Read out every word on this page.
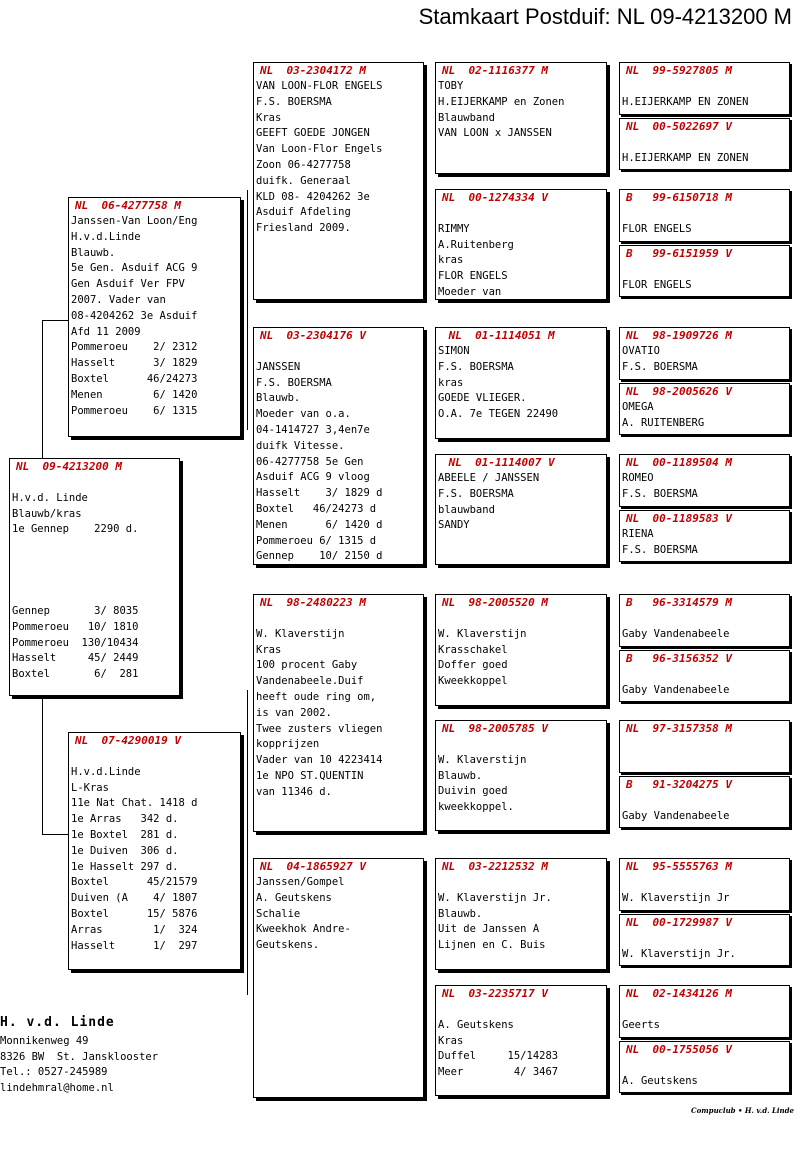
Stamkaart Postduif: NL 09-4213200 M
NL  09-4213200 M

H.v.d. Linde
Blauwb/kras
1e Gennep    2290 d.
Gennep       3/ 8035
Pommeroeu   10/ 1810
Pommeroeu  130/10434
Hasselt     45/ 2449
Boxtel       6/  281
NL  06-4277758 M
Janssen-Van Loon/Eng
H.v.d.Linde
Blauwb.
5e Gen. Asduif ACG 9
Gen Asduif Ver FPV
2007. Vader van
08-4204262 3e Asduif
Afd 11 2009
Pommeroeu    2/ 2312
Hasselt      3/ 1829
Boxtel      46/24273
Menen        6/ 1420
Pommeroeu    6/ 1315
NL  07-4290019 V

H.v.d.Linde
L-Kras
11e Nat Chat. 1418 d
1e Arras   342 d.
1e Boxtel  281 d.
1e Duiven  306 d.
1e Hasselt 297 d.
Boxtel      45/21579
Duiven (A    4/ 1807
Boxtel      15/ 5876
Arras        1/  324
Hasselt      1/  297
NL  03-2304172 M
VAN LOON-FLOR ENGELS
F.S. BOERSMA
Kras
GEEFT GOEDE JONGEN
Van Loon-Flor Engels
Zoon 06-4277758
duifk. Generaal
KLD 08- 4204262 3e
Asduif Afdeling
Friesland 2009.
NL  03-2304176 V

JANSSEN
F.S. BOERSMA
Blauwb.
Moeder van o.a.
04-1414727 3,4en7e
duifk Vitesse.
06-4277758 5e Gen
Asduif ACG 9 vloog
Hasselt    3/ 1829 d
Boxtel   46/24273 d
Menen      6/ 1420 d
Pommeroeu 6/ 1315 d
Gennep    10/ 2150 d
NL  98-2480223 M

W. Klaverstijn
Kras
100 procent Gaby
Vandenabeele.Duif
heeft oude ring om,
is van 2002.
Twee zusters vliegen
kopprijzen
Vader van 10 4223414
1e NPO ST.QUENTIN
van 11346 d.
NL  04-1865927 V
Janssen/Gompel
A. Geutskens
Schalie
Kweekhok Andre-
Geutskens.
NL  02-1116377 M
TOBY
H.EIJERKAMP en Zonen
Blauwband
VAN LOON x JANSSEN
NL  00-1274334 V

RIMMY
A.Ruitenberg
kras
FLOR ENGELS
Moeder van
NL  01-1114051 M
SIMON
F.S. BOERSMA
kras
GOEDE VLIEGER.
O.A. 7e TEGEN 22490
NL  01-1114007 V
ABEELE / JANSSEN
F.S. BOERSMA
blauwband
SANDY
NL  98-2005520 M

W. Klaverstijn
Krasschakel
Doffer goed
Kweekkoppel
NL  98-2005785 V

W. Klaverstijn
Blauwb.
Duivin goed
kweekkoppel.
NL  03-2212532 M

W. Klaverstijn Jr.
Blauwb.
Uit de Janssen A
Lijnen en C. Buis
NL  03-2235717 V

A. Geutskens
Kras
Duffel     15/14283
Meer        4/ 3467
NL  99-5927805 M
H.EIJERKAMP EN ZONEN
NL  00-5022697 V
H.EIJERKAMP EN ZONEN
B   99-6150718 M
FLOR ENGELS
B   99-6151959 V
FLOR ENGELS
NL  98-1909726 M
OVATIO
F.S. BOERSMA
NL  98-2005626 V
OMEGA
A. RUITENBERG
NL  00-1189504 M
ROMEO
F.S. BOERSMA
NL  00-1189583 V
RIENA
F.S. BOERSMA
B   96-3314579 M
Gaby Vandenabeele
B   96-3156352 V
Gaby Vandenabeele
NL  97-3157358 M

B   91-3204275 V
Gaby Vandenabeele
NL  95-5555763 M
W. Klaverstijn Jr
NL  00-1729987 V
W. Klaverstijn Jr.
NL  02-1434126 M
Geerts
NL  00-1755056 V
A. Geutskens
H. v.d. Linde
Monnikenweg 49
8326 BW  St. Jansklooster
Tel.: 0527-245989
lindehmral@home.nl
Compuclub • H. v.d. Linde
